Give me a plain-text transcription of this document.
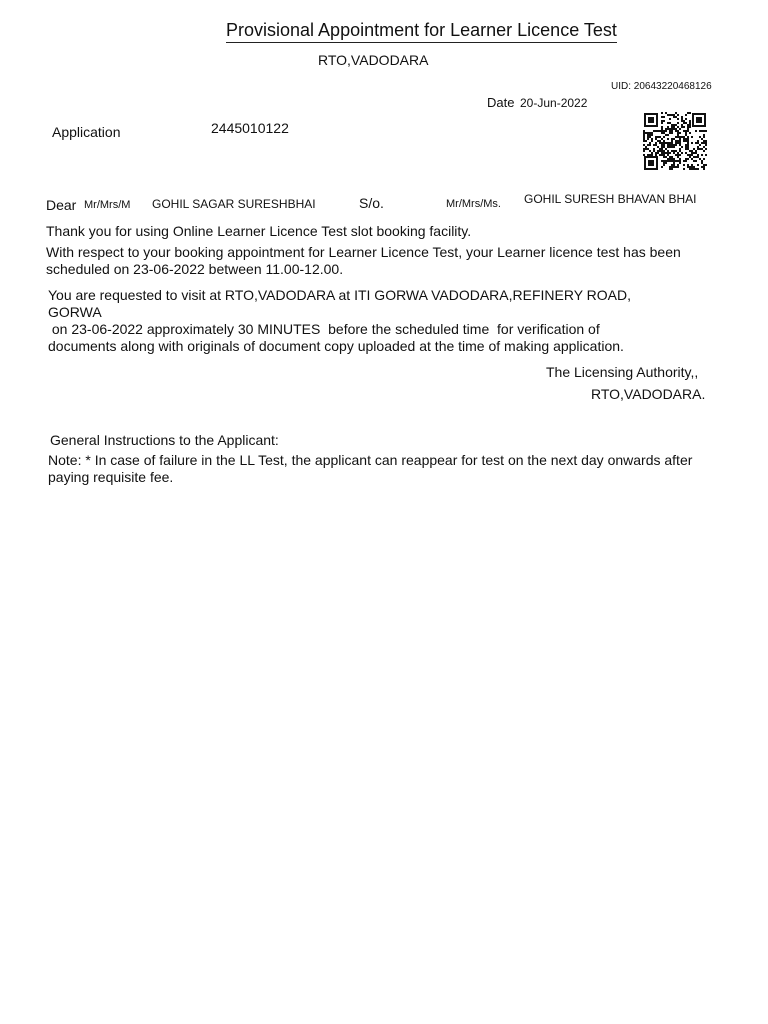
Provisional Appointment for Learner Licence Test
RTO,VADODARA
UID: 20643220468126
Date 20-Jun-2022
Application	2445010122
Dear Mr/Mrs/M GOHIL SAGAR SURESHBHAI	S/o.	Mr/Mrs/Ms. GOHIL SURESH BHAVAN BHAI
Thank you for using Online Learner Licence Test slot booking facility.
With respect to your booking appointment for Learner Licence Test, your Learner licence test has been scheduled on 23-06-2022 between 11.00-12.00.
You are requested to visit at RTO,VADODARA at ITI GORWA VADODARA,REFINERY ROAD,
GORWA
on 23-06-2022 approximately 30 MINUTES  before the scheduled time  for verification of
documents along with originals of document copy uploaded at the time of making application.
The Licensing Authority,,
RTO,VADODARA.
General Instructions to the Applicant:
Note: * In case of failure in the LL Test, the applicant can reappear for test on the next day onwards after paying requisite fee.
